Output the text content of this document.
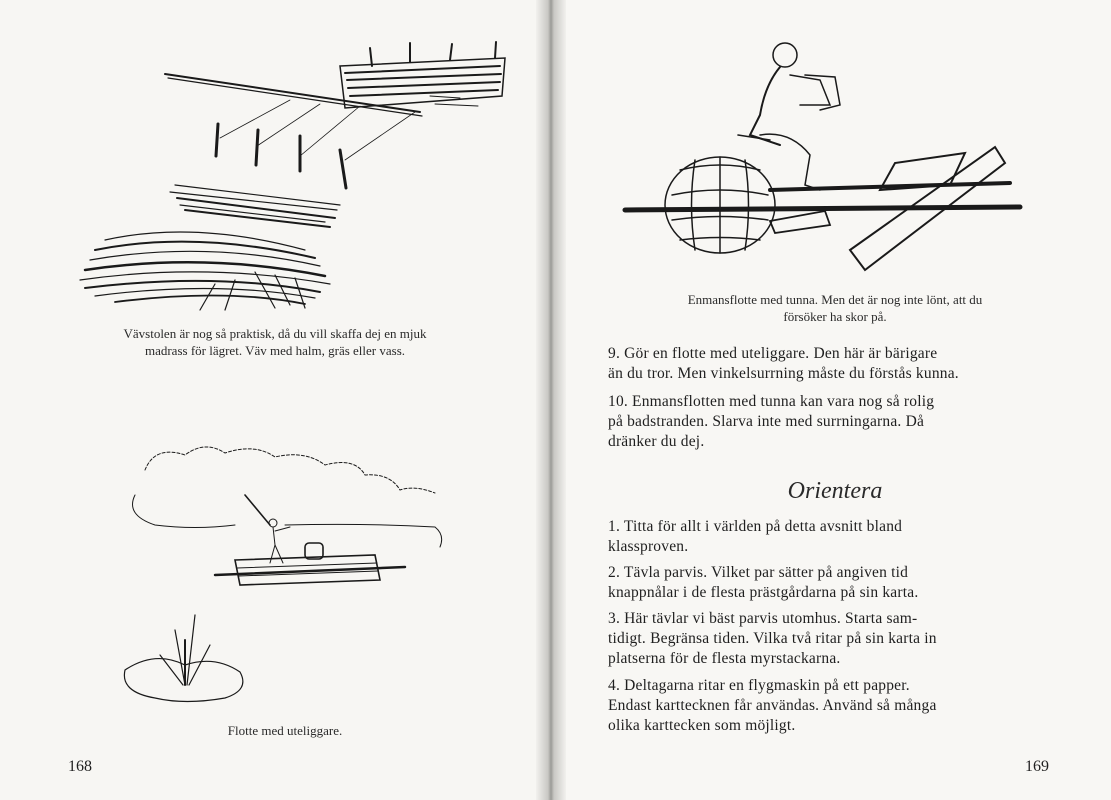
Vävstolen är nog så praktisk, då du vill skaffa dej en mjuk
madrass för lägret. Väv med halm, gräs eller vass.
Flotte med uteliggare.
168
Enmansflotte med tunna. Men det är nog inte lönt, att du
försöker ha skor på.
9. Gör en flotte med uteliggare. Den här är bärigare
än du tror. Men vinkelsurrning måste du förstås kunna.
10. Enmansflotten med tunna kan vara nog så rolig
på badstranden. Slarva inte med surrningarna. Då
dränker du dej.
Orientera
1. Titta för allt i världen på detta avsnitt bland
klassproven.
2. Tävla parvis. Vilket par sätter på angiven tid
knappnålar i de flesta prästgårdarna på sin karta.
3. Här tävlar vi bäst parvis utomhus. Starta sam-
tidigt. Begränsa tiden. Vilka två ritar på sin karta in
platserna för de flesta myrstackarna.
4. Deltagarna ritar en flygmaskin på ett papper.
Endast karttecknen får användas. Använd så många
olika karttecken som möjligt.
169
